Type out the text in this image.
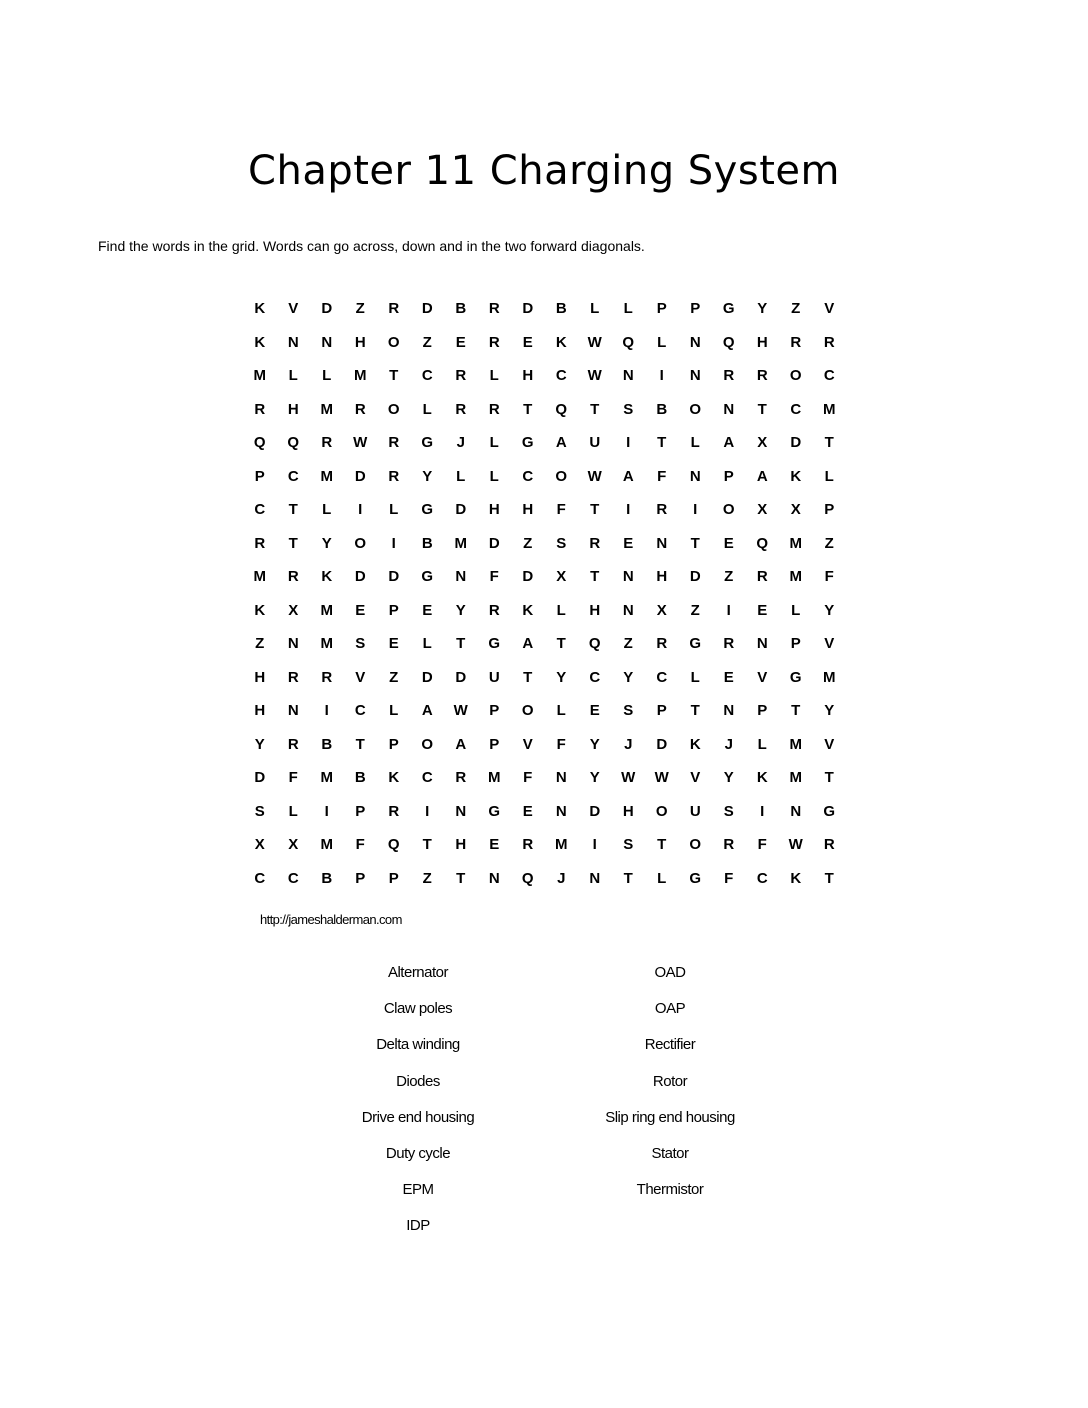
Chapter 11 Charging System
Find the words in the grid. Words can go across, down and in the two forward diagonals.
K	V	D	Z	R	D	B	R	D	B	L	L	P	P	G	Y	Z	V
K	N	N	H	O	Z	E	R	E	K	W	Q	L	N	Q	H	R	R
M	L	L	M	T	C	R	L	H	C	W	N	I	N	R	R	O	C
R	H	M	R	O	L	R	R	T	Q	T	S	B	O	N	T	C	M
Q	Q	R	W	R	G	J	L	G	A	U	I	T	L	A	X	D	T
P	C	M	D	R	Y	L	L	C	O	W	A	F	N	P	A	K	L
C	T	L	I	L	G	D	H	H	F	T	I	R	I	O	X	X	P
R	T	Y	O	I	B	M	D	Z	S	R	E	N	T	E	Q	M	Z
M	R	K	D	D	G	N	F	D	X	T	N	H	D	Z	R	M	F
K	X	M	E	P	E	Y	R	K	L	H	N	X	Z	I	E	L	Y
Z	N	M	S	E	L	T	G	A	T	Q	Z	R	G	R	N	P	V
H	R	R	V	Z	D	D	U	T	Y	C	Y	C	L	E	V	G	M
H	N	I	C	L	A	W	P	O	L	E	S	P	T	N	P	T	Y
Y	R	B	T	P	O	A	P	V	F	Y	J	D	K	J	L	M	V
D	F	M	B	K	C	R	M	F	N	Y	W	W	V	Y	K	M	T
S	L	I	P	R	I	N	G	E	N	D	H	O	U	S	I	N	G
X	X	M	F	Q	T	H	E	R	M	I	S	T	O	R	F	W	R
C	C	B	P	P	Z	T	N	Q	J	N	T	L	G	F	C	K	T
http://jameshalderman.com
Alternator
Claw poles
Delta winding
Diodes
Drive end housing
Duty cycle
EPM
IDP
OAD
OAP
Rectifier
Rotor
Slip ring end housing
Stator
Thermistor
